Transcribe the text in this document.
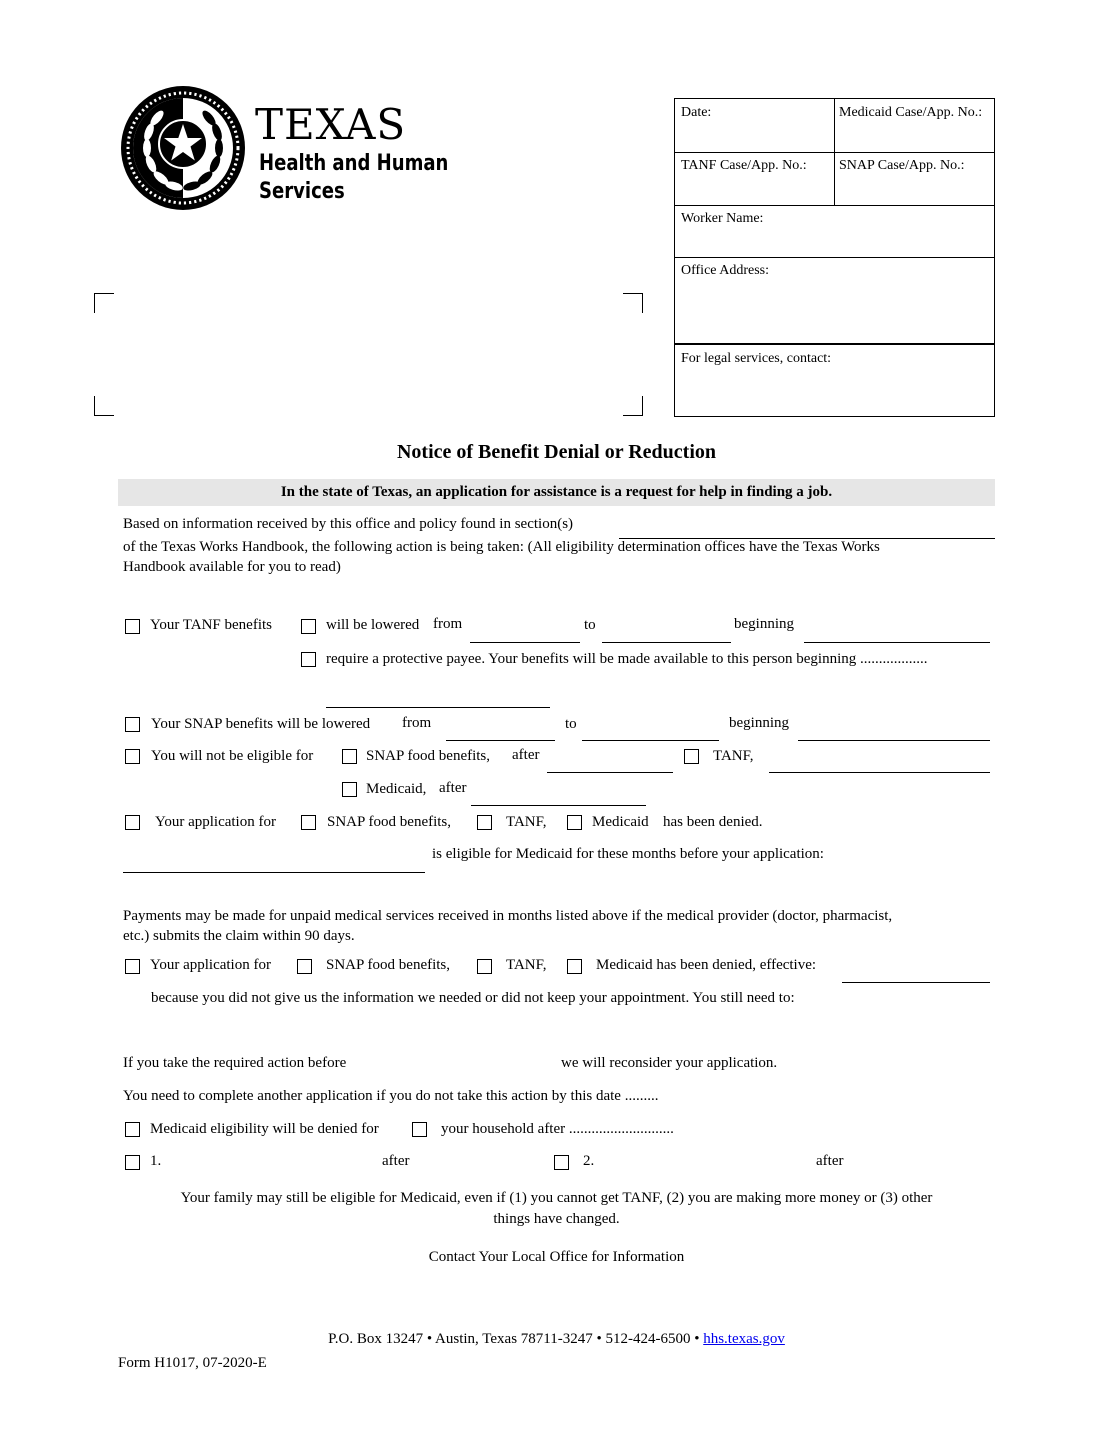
TEXAS
Health and Human
Services
Date:	Medicaid Case/App. No.:
TANF Case/App. No.:	SNAP Case/App. No.:
Worker Name:
Office Address:
For legal services, contact:
Notice of Benefit Denial or Reduction
In the state of Texas, an application for assistance is a request for help in finding a job.
Based on information received by this office and policy found in section(s)
of the Texas Works Handbook, the following action is being taken: (All eligibility determination offices have the Texas Works
Handbook available for you to read)
Your TANF benefits	will be lowered from	to	beginning
require a protective payee. Your benefits will be made available to this person beginning ..................
Your SNAP benefits will be lowered from	to	beginning
You will not be eligible for	SNAP food benefits, after	TANF,
Medicaid, after
Your application for	SNAP food benefits,	TANF,	Medicaid has been denied.
is eligible for Medicaid for these months before your application:
Payments may be made for unpaid medical services received in months listed above if the medical provider (doctor, pharmacist,
etc.) submits the claim within 90 days.
Your application for	SNAP food benefits,	TANF,	Medicaid has been denied, effective:
because you did not give us the information we needed or did not keep your appointment. You still need to:
If you take the required action before	we will reconsider your application.
You need to complete another application if you do not take this action by this date .........
Medicaid eligibility will be denied for	your household after ............................
1.	after	2.	after
Your family may still be eligible for Medicaid, even if (1) you cannot get TANF, (2) you are making more money or (3) other
things have changed.
Contact Your Local Office for Information
P.O. Box 13247 • Austin, Texas 78711-3247 • 512-424-6500 • hhs.texas.gov
Form H1017, 07-2020-E
